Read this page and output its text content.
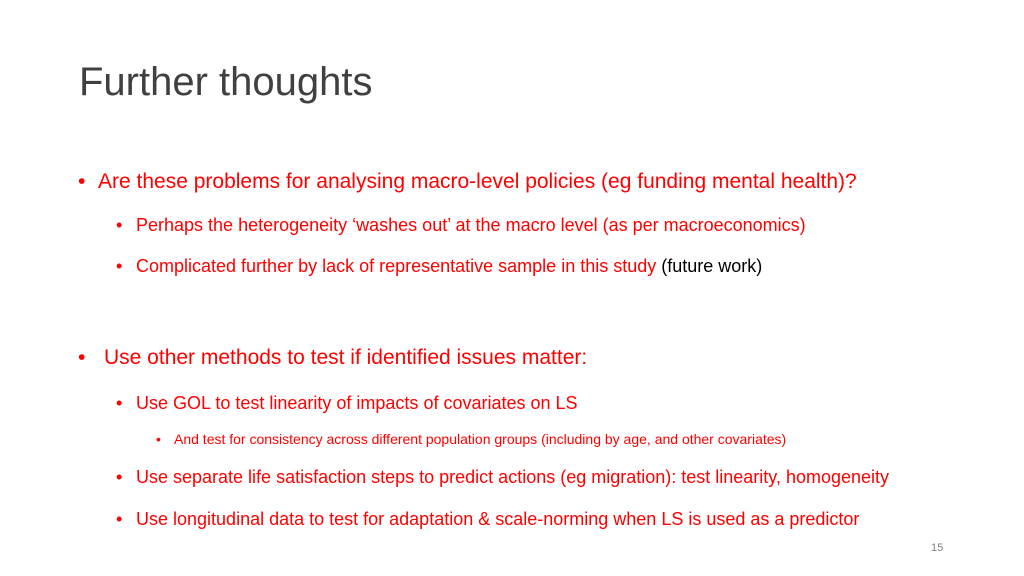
Further thoughts
• Are these problems for analysing macro-level policies (eg funding mental health)?
• Perhaps the heterogeneity ‘washes out’ at the macro level (as per macroeconomics)
• Complicated further by lack of representative sample in this study (future work)
• Use other methods to test if identified issues matter:
• Use GOL to test linearity of impacts of covariates on LS
• And test for consistency across different population groups (including by age, and other covariates)
• Use separate life satisfaction steps to predict actions (eg migration): test linearity, homogeneity
• Use longitudinal data to test for adaptation & scale-norming when LS is used as a predictor
15
